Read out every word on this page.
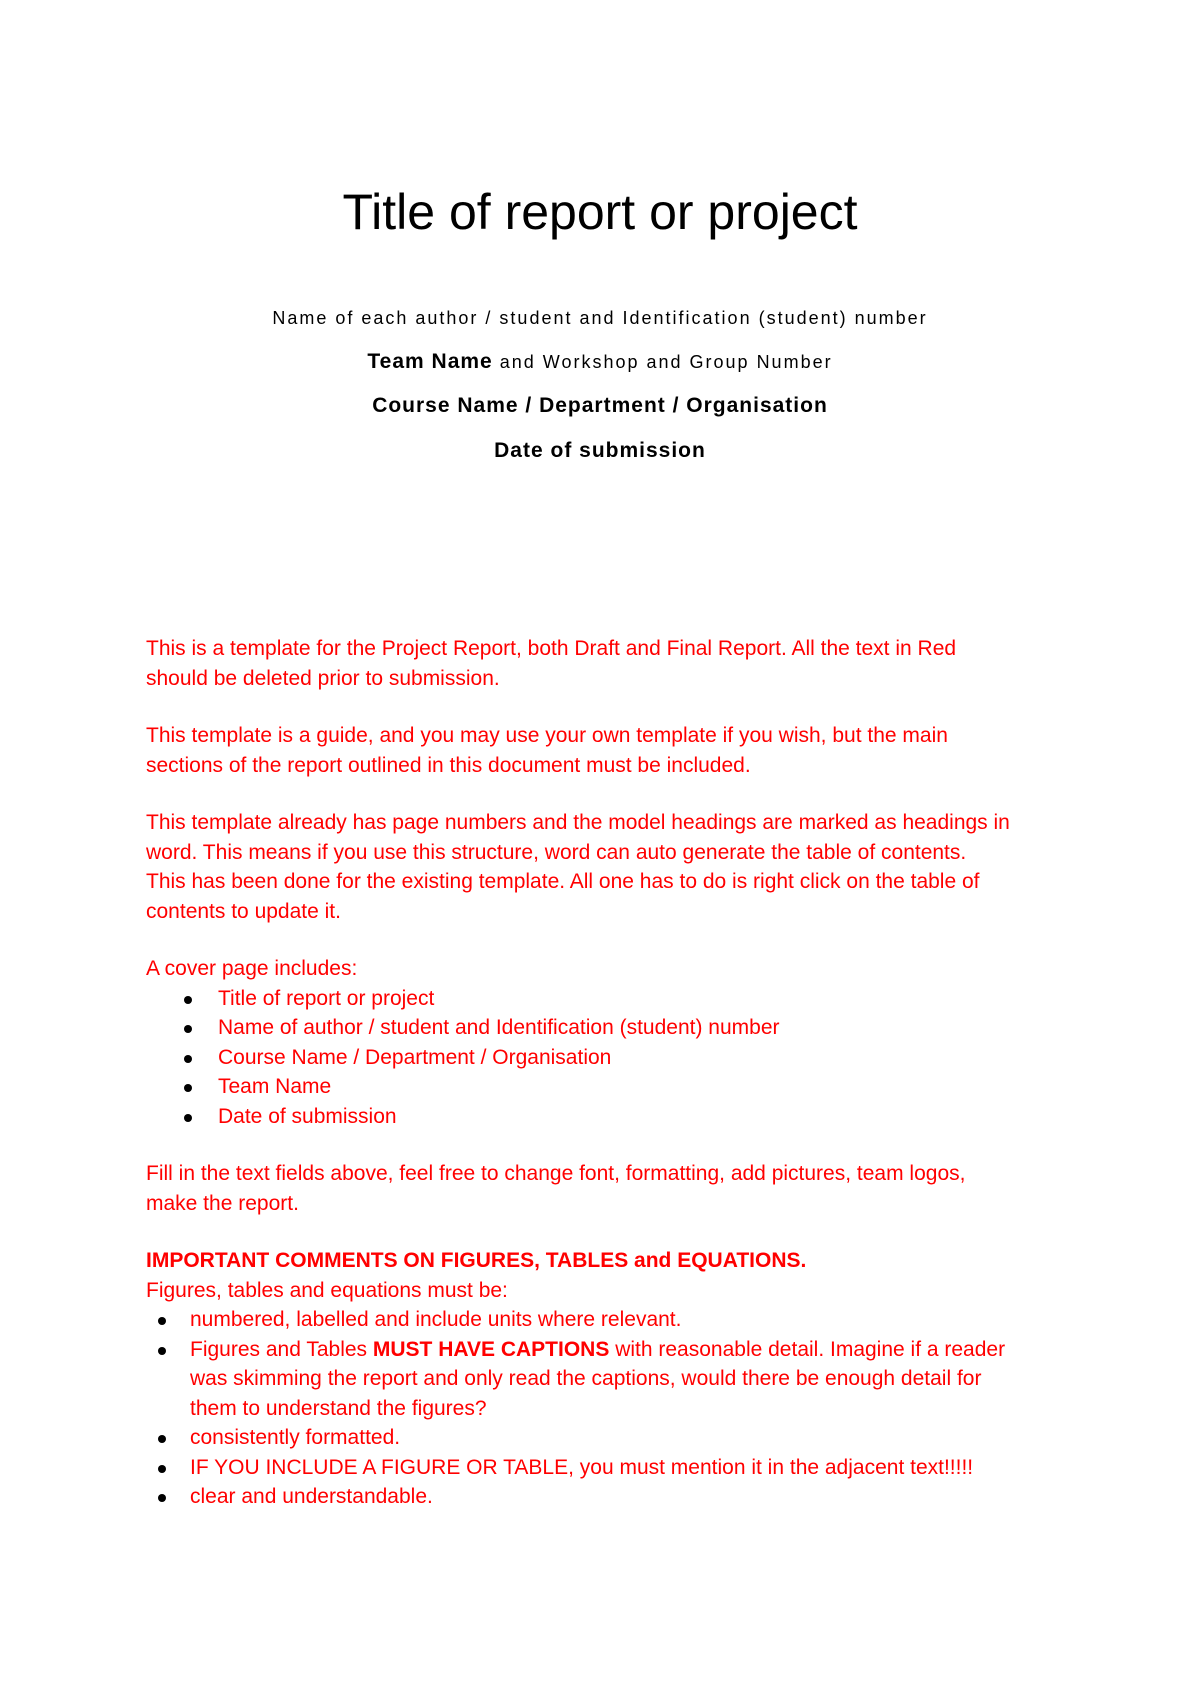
Title of report or project
Name of each author / student and Identification (student) number
Team Name and Workshop and Group Number
Course Name / Department / Organisation
Date of submission

This is a template for the Project Report, both Draft and Final Report. All the text in Red
should be deleted prior to submission.

This template is a guide, and you may use your own template if you wish, but the main
sections of the report outlined in this document must be included.

This template already has page numbers and the model headings are marked as headings in
word. This means if you use this structure, word can auto generate the table of contents.
This has been done for the existing template. All one has to do is right click on the table of
contents to update it.

A cover page includes:

Title of report or project
Name of author / student and Identification (student) number
Course Name / Department / Organisation
Team Name
Date of submission

Fill in the text fields above, feel free to change font, formatting, add pictures, team logos,
make the report.

IMPORTANT COMMENTS ON FIGURES, TABLES and EQUATIONS.

Figures, tables and equations must be:

numbered, labelled and include units where relevant.
Figures and Tables MUST HAVE CAPTIONS with reasonable detail. Imagine if a reader
was skimming the report and only read the captions, would there be enough detail for
them to understand the figures?
consistently formatted.
IF YOU INCLUDE A FIGURE OR TABLE, you must mention it in the adjacent text!!!!!
clear and understandable.
